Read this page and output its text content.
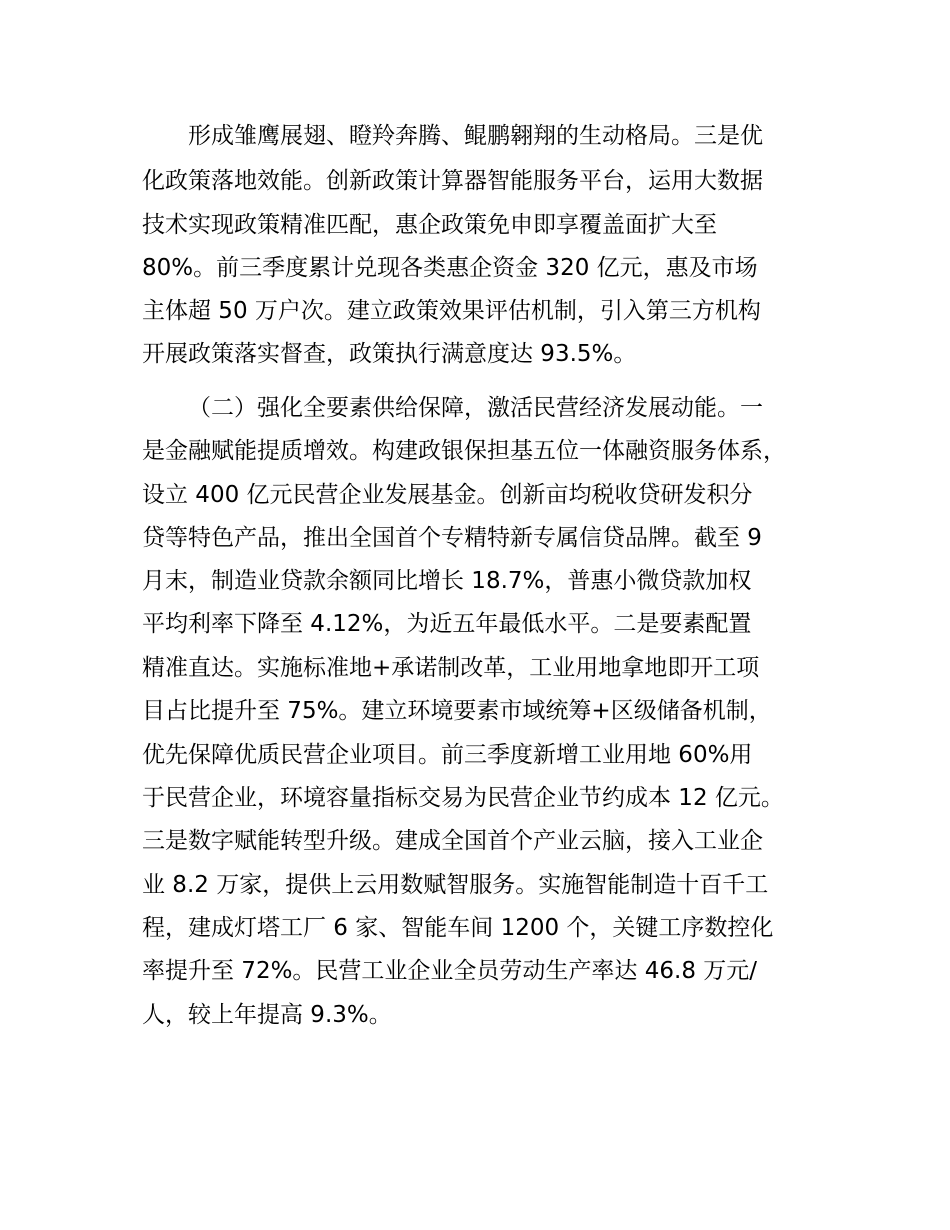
形成雏鹰展翅、瞪羚奔腾、鲲鹏翱翔的生动格局。三是优
化政策落地效能。创新政策计算器智能服务平台，运用大数据
技术实现政策精准匹配，惠企政策免申即享覆盖面扩大至
80%。前三季度累计兑现各类惠企资金 320 亿元，惠及市场
主体超 50 万户次。建立政策效果评估机制，引入第三方机构
开展政策落实督查，政策执行满意度达 93.5%。
（二）强化全要素供给保障，激活民营经济发展动能。一
是金融赋能提质增效。构建政银保担基五位一体融资服务体系，
设立 400 亿元民营企业发展基金。创新亩均税收贷研发积分
贷等特色产品，推出全国首个专精特新专属信贷品牌。截至 9
月末，制造业贷款余额同比增长 18.7%，普惠小微贷款加权
平均利率下降至 4.12%，为近五年最低水平。二是要素配置
精准直达。实施标准地+承诺制改革，工业用地拿地即开工项
目占比提升至 75%。建立环境要素市域统筹+区级储备机制，
优先保障优质民营企业项目。前三季度新增工业用地 60%用
于民营企业，环境容量指标交易为民营企业节约成本 12 亿元。
三是数字赋能转型升级。建成全国首个产业云脑，接入工业企
业 8.2 万家，提供上云用数赋智服务。实施智能制造十百千工
程，建成灯塔工厂 6 家、智能车间 1200 个，关键工序数控化
率提升至 72%。民营工业企业全员劳动生产率达 46.8 万元/
人，较上年提高 9.3%。
